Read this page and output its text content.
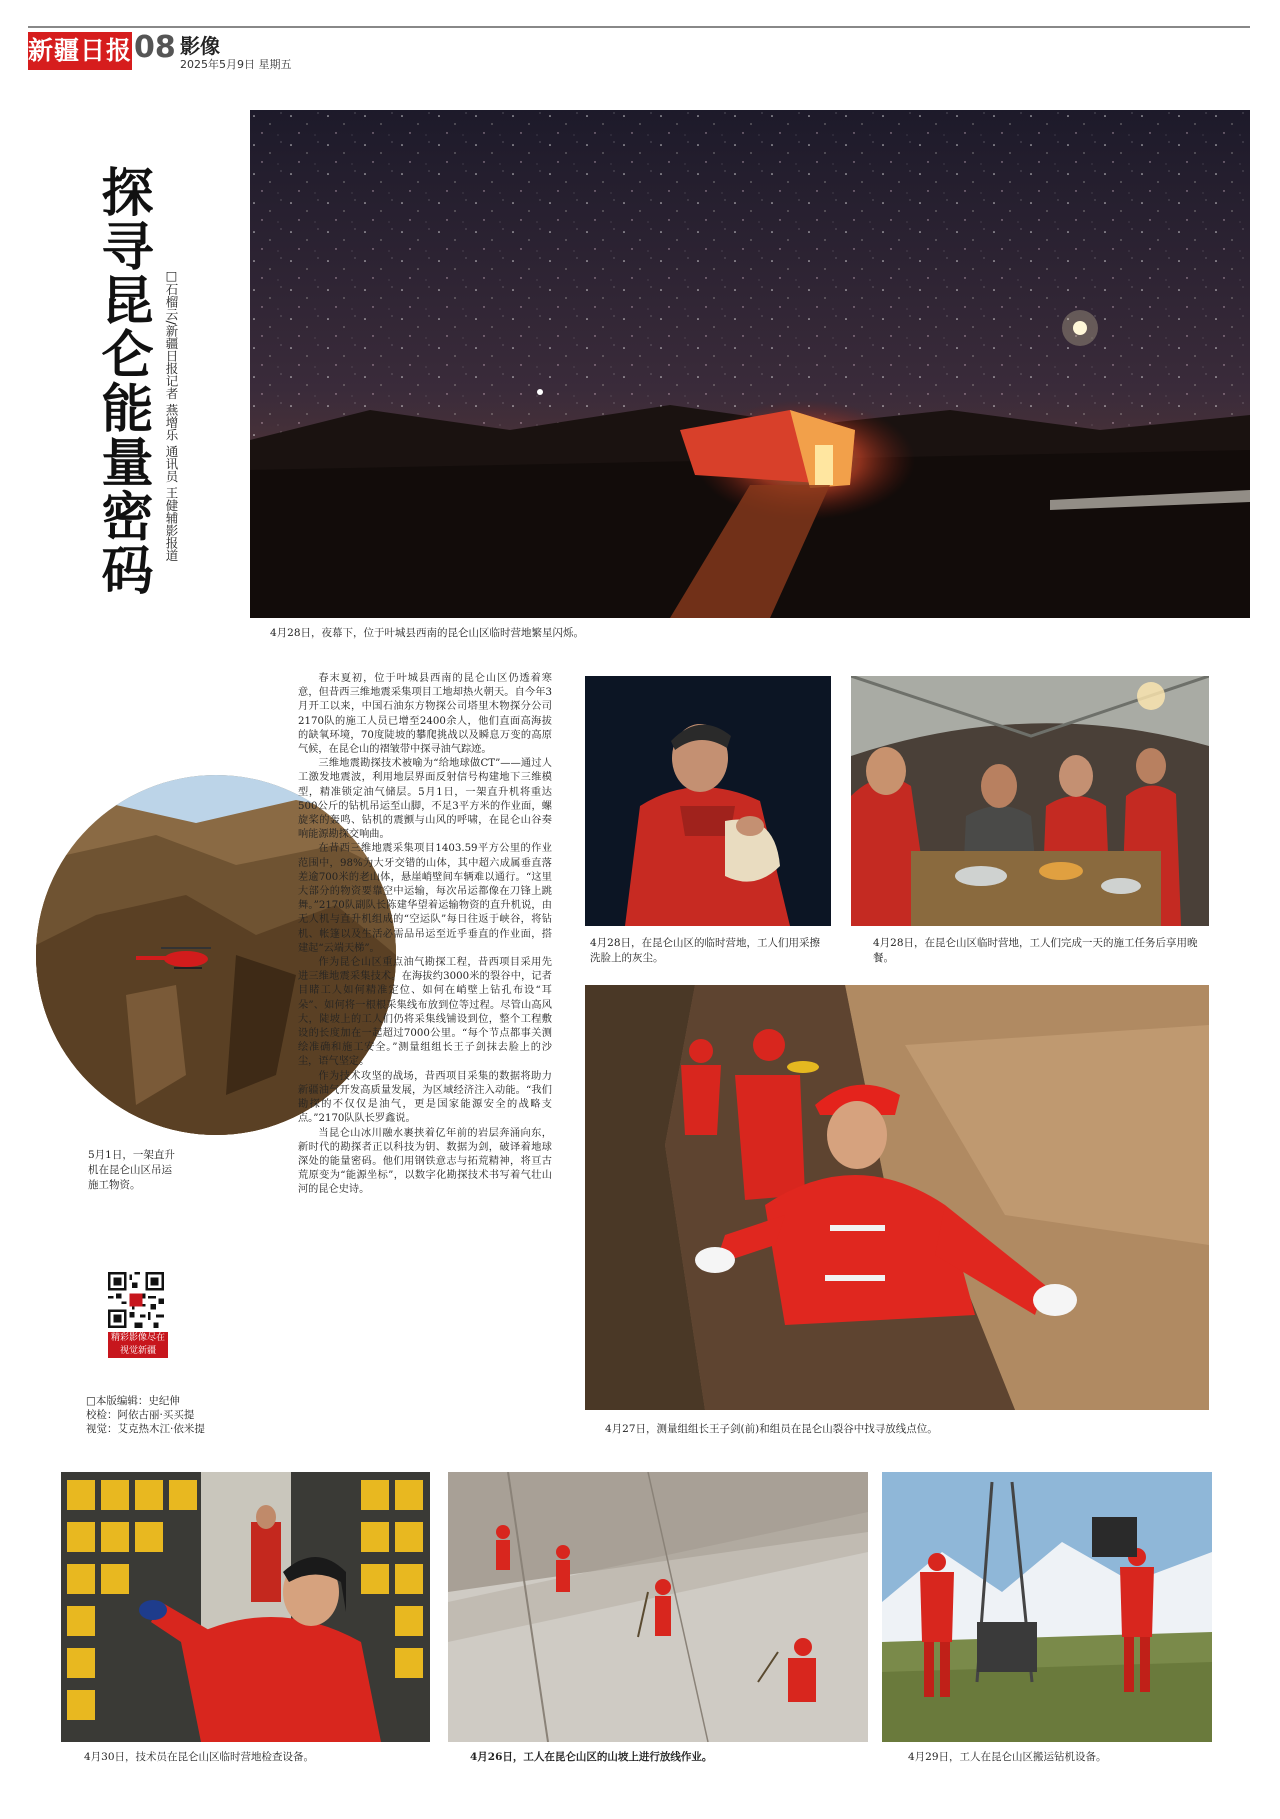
新疆日报 08 影像
2025年5月9日 星期五
探寻昆仑能量密码 □石榴云/新疆日报记者 燕增乐 通讯员 王健辅影报道
4月28日，夜幕下，位于叶城县西南的昆仑山区临时营地繁星闪烁。
5月1日，一架直升机在昆仑山区吊运施工物资。
4月28日，在昆仑山区的临时营地，工人们用采擦洗脸上的灰尘。
4月28日，在昆仑山区临时营地，工人们完成一天的施工任务后享用晚餐。
4月27日，测量组组长王子剑(前)和组员在昆仑山裂谷中找寻放线点位。
4月30日，技术员在昆仑山区临时营地检查设备。	4月26日，工人在昆仑山区的山坡上进行放线作业。	4月29日，工人在昆仑山区搬运钻机设备。

春末夏初，位于叶城县西南的昆仑山区仍透着寒意，但昔西三维地震采集项目工地却热火朝天。自今年3月开工以来，中国石油东方物探公司塔里木物探分公司2170队的施工人员已增至2400余人，他们直面高海拔的缺氧环境，70度陡坡的攀爬挑战以及瞬息万变的高原气候，在昆仑山的褶皱带中探寻油气踪迹。

三维地震勘探技术被喻为“给地球做CT”——通过人工激发地震波，利用地层界面反射信号构建地下三维模型，精准锁定油气储层。5月1日，一架直升机将重达500公斤的钻机吊运至山脚，不足3平方米的作业面，螺旋桨的轰鸣、钻机的震颤与山风的呼啸，在昆仑山谷奏响能源勘探交响曲。

在昔西三维地震采集项目1403.59平方公里的作业范围中，98%为大牙交错的山体，其中超六成属垂直落差逾700米的老山体，悬崖峭壁间车辆难以通行。“这里大部分的物资要靠空中运输，每次吊运都像在刀锋上跳舞。”2170队副队长陈建华望着运输物资的直升机说，由无人机与直升机组成的“空运队”每日往返于峡谷，将钻机、帐篷以及生活必需品吊运至近乎垂直的作业面，搭建起“云端天梯”。

作为昆仑山区重点油气勘探工程，昔西项目采用先进三维地震采集技术。在海拔约3000米的裂谷中，记者目睹工人如何精准定位、如何在峭壁上钻孔布设“耳朵”、如何将一根根采集线布放到位等过程。尽管山高风大，陡坡上的工人们仍将采集线铺设到位，整个工程敷设的长度加在一起超过7000公里。“每个节点都事关测绘准确和施工安全。”测量组组长王子剑抹去脸上的沙尘，语气坚定。

作为技术攻坚的战场，昔西项目采集的数据将助力新疆油气开发高质量发展，为区域经济注入动能。“我们勘探的不仅仅是油气，更是国家能源安全的战略支点。”2170队队长罗鑫说。

当昆仑山冰川融水裹挟着亿年前的岩层奔涌向东，新时代的勘探者正以科技为钥、数据为剑，破译着地球深处的能量密码。他们用钢铁意志与拓荒精神，将亘古荒原变为“能源坐标”，以数字化勘探技术书写着气壮山河的昆仑史诗。

精彩影像尽在视觉新疆
□本版编辑：史纪伸
校检：阿依古丽·买买提
视觉：艾克热木江·依米提
